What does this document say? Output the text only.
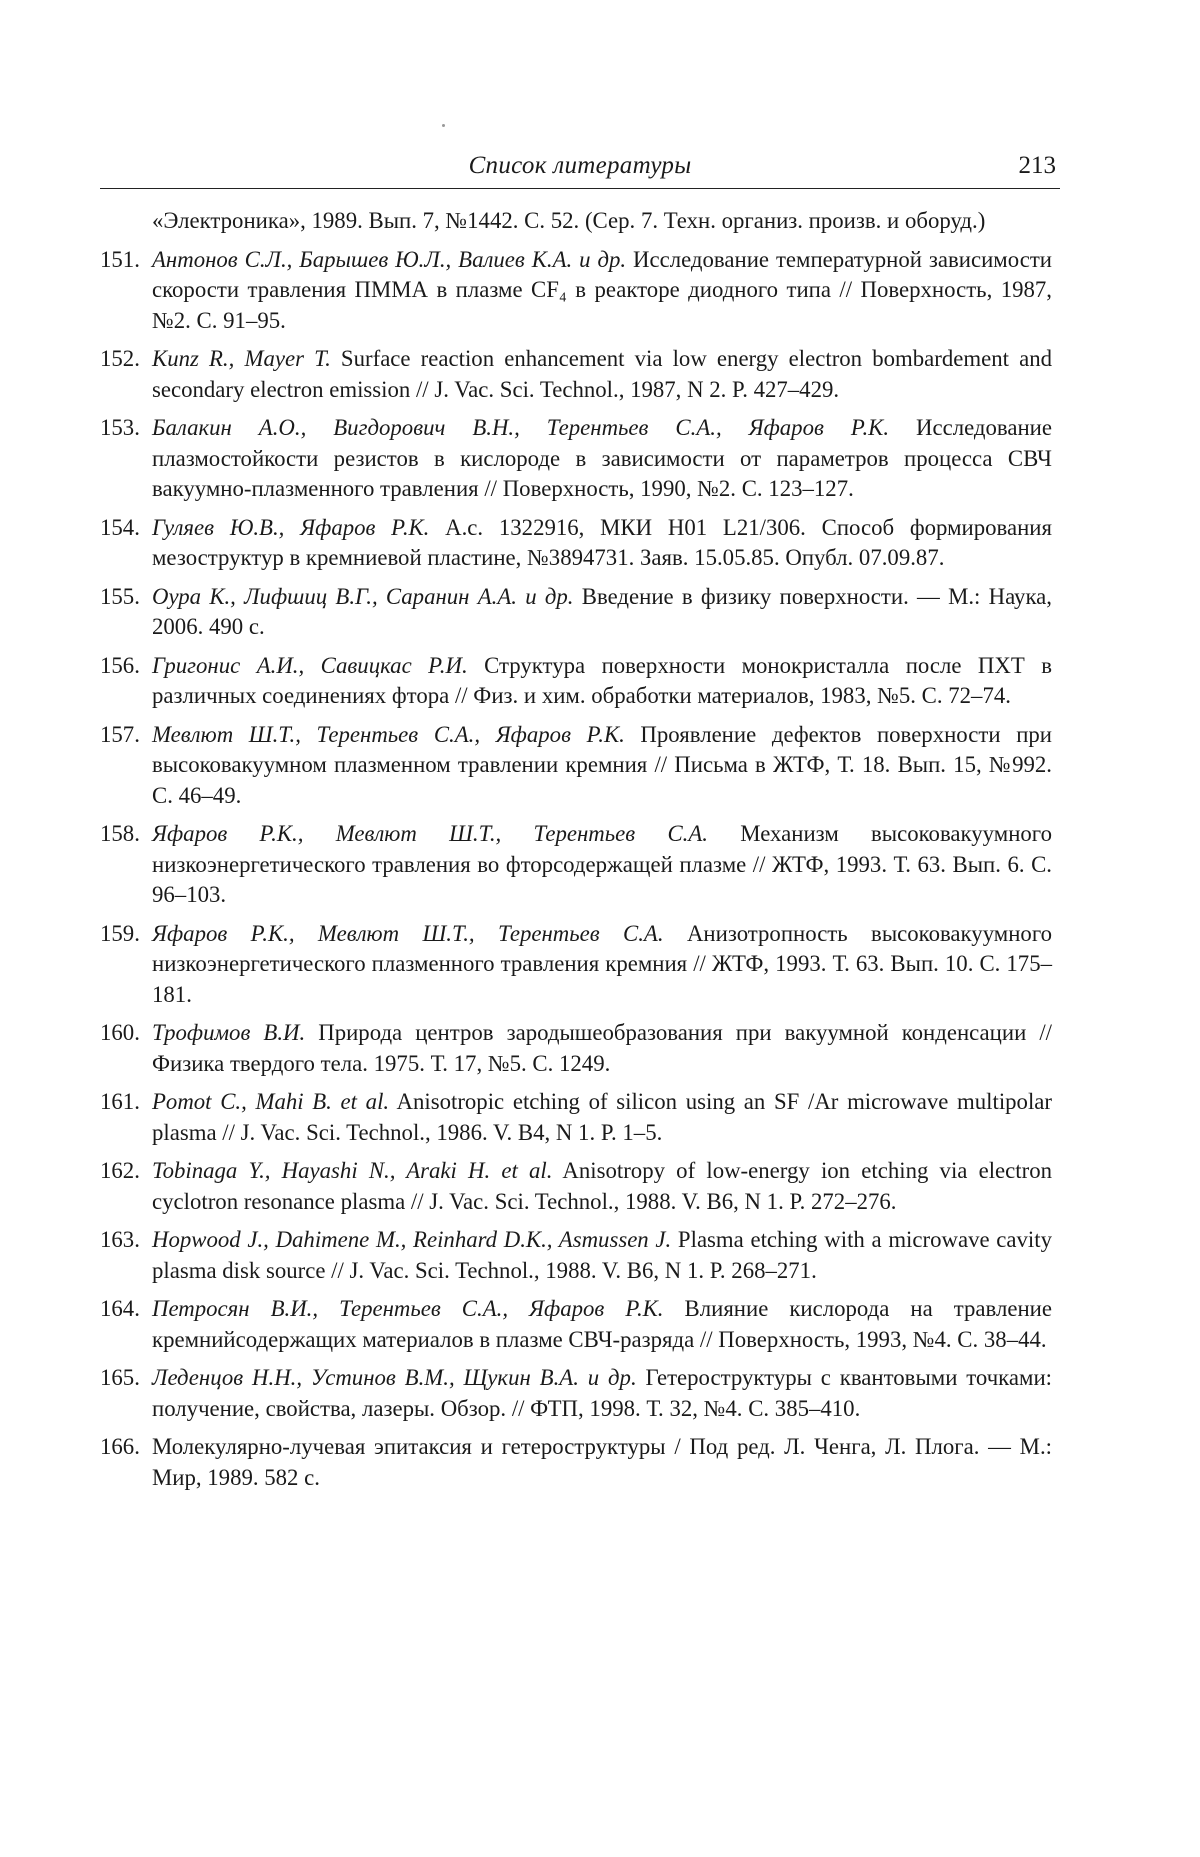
Список литературы	213
«Электроника», 1989. Вып. 7, №1442. С. 52. (Сер. 7. Техн. организ. произв. и оборуд.)
151. Антонов С.Л., Барышев Ю.Л., Валиев К.А. и др. Исследование температурной зависимости скорости травления ПММА в плазме CF₄ в реакторе диодного типа // Поверхность, 1987, №2. С. 91–95.
152. Kunz R., Mayer T. Surface reaction enhancement via low energy electron bombardement and secondary electron emission // J. Vac. Sci. Technol., 1987, N 2. P. 427–429.
153. Балакин А.О., Вигдорович В.Н., Терентьев С.А., Яфаров Р.К. Исследование плазмостойкости резистов в кислороде в зависимости от параметров процесса СВЧ вакуумно-плазменного травления // Поверхность, 1990, №2. С. 123–127.
154. Гуляев Ю.В., Яфаров Р.К. А.с. 1322916, МКИ H01 L21/306. Способ формирования мезоструктур в кремниевой пластине, №3894731. Заяв. 15.05.85. Опубл. 07.09.87.
155. Оура К., Лифшиц В.Г., Саранин А.А. и др. Введение в физику поверхности. — М.: Наука, 2006. 490 с.
156. Григонис А.И., Савицкас Р.И. Структура поверхности монокристалла после ПХТ в различных соединениях фтора // Физ. и хим. обработки материалов, 1983, №5. С. 72–74.
157. Мевлют Ш.Т., Терентьев С.А., Яфаров Р.К. Проявление дефектов поверхности при высоковакуумном плазменном травлении кремния // Письма в ЖТФ, Т. 18. Вып. 15, №992. С. 46–49.
158. Яфаров Р.К., Мевлют Ш.Т., Терентьев С.А. Механизм высоковакуумного низкоэнергетического травления во фторсодержащей плазме // ЖТФ, 1993. Т. 63. Вып. 6. С. 96–103.
159. Яфаров Р.К., Мевлют Ш.Т., Терентьев С.А. Анизотропность высоковакуумного низкоэнергетического плазменного травления кремния // ЖТФ, 1993. Т. 63. Вып. 10. С. 175–181.
160. Трофимов В.И. Природа центров зародышеобразования при вакуумной конденсации // Физика твердого тела. 1975. Т. 17, №5. С. 1249.
161. Pomot C., Mahi B. et al. Anisotropic etching of silicon using an SF /Ar microwave multipolar plasma // J. Vac. Sci. Technol., 1986. V. B4, N 1. P. 1–5.
162. Tobinaga Y., Hayashi N., Araki H. et al. Anisotropy of low-energy ion etching via electron cyclotron resonance plasma // J. Vac. Sci. Technol., 1988. V. B6, N 1. P. 272–276.
163. Hopwood J., Dahimene M., Reinhard D.K., Asmussen J. Plasma etching with a microwave cavity plasma disk source // J. Vac. Sci. Technol., 1988. V. B6, N 1. P. 268–271.
164. Петросян В.И., Терентьев С.А., Яфаров Р.К. Влияние кислорода на травление кремнийсодержащих материалов в плазме СВЧ-разряда // Поверхность, 1993, №4. С. 38–44.
165. Леденцов Н.Н., Устинов В.М., Щукин В.А. и др. Гетероструктуры с квантовыми точками: получение, свойства, лазеры. Обзор. // ФТП, 1998. Т. 32, №4. С. 385–410.
166. Молекулярно-лучевая эпитаксия и гетероструктуры / Под ред. Л. Ченга, Л. Плога. — М.: Мир, 1989. 582 с.
